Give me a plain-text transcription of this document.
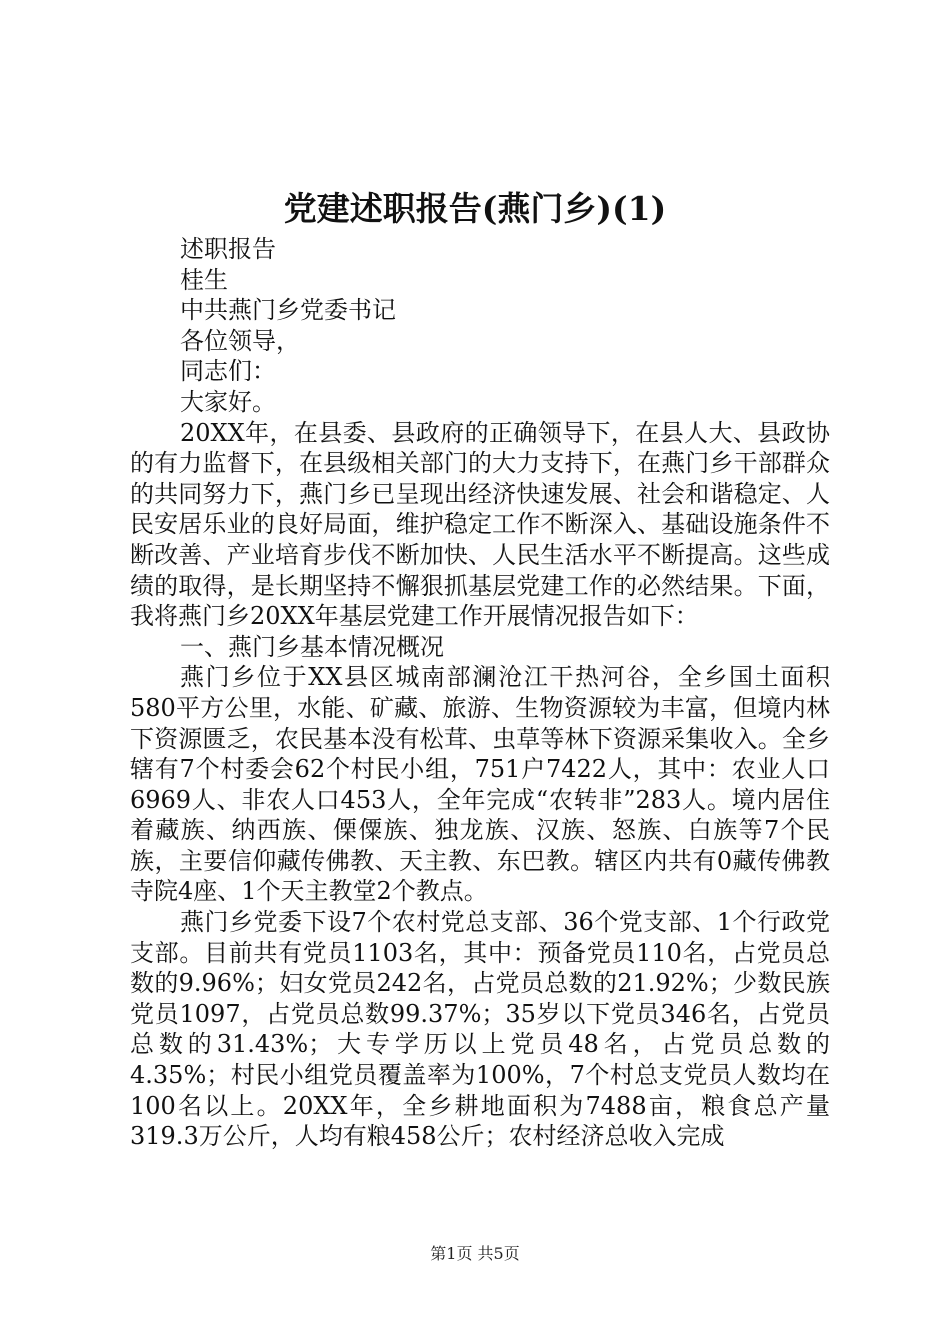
党建述职报告(燕门乡)(1)
述职报告
桂生
中共燕门乡党委书记
各位领导，
同志们：
大家好。

20XX年，在县委、县政府的正确领导下，在县人大、县政协的有力监督下，在县级相关部门的大力支持下，在燕门乡干部群众的共同努力下，燕门乡已呈现出经济快速发展、社会和谐稳定、人民安居乐业的良好局面，维护稳定工作不断深入、基础设施条件不断改善、产业培育步伐不断加快、人民生活水平不断提高。这些成绩的取得，是长期坚持不懈狠抓基层党建工作的必然结果。下面，我将燕门乡20XX年基层党建工作开展情况报告如下：

一、燕门乡基本情况概况

燕门乡位于XX县区城南部澜沧江干热河谷，全乡国土面积580平方公里，水能、矿藏、旅游、生物资源较为丰富，但境内林下资源匮乏，农民基本没有松茸、虫草等林下资源采集收入。全乡辖有7个村委会62个村民小组，751户7422人，其中：农业人口6969人、非农人口453人，全年完成“农转非”283人。境内居住着藏族、纳西族、傈僳族、独龙族、汉族、怒族、白族等7个民族，主要信仰藏传佛教、天主教、东巴教。辖区内共有0藏传佛教寺院4座、1个天主教堂2个教点。

燕门乡党委下设7个农村党总支部、36个党支部、1个行政党支部。目前共有党员1103名，其中：预备党员110名，占党员总数的9.96%；妇女党员242名，占党员总数的21.92%；少数民族党员1097，占党员总数99.37%；35岁以下党员346名，占党员总数的31.43%；大专学历以上党员48名，占党员总数的4.35%；村民小组党员覆盖率为100%，7个村总支党员人数均在100名以上。20XX年，全乡耕地面积为7488亩，粮食总产量319.3万公斤，人均有粮458公斤；农村经济总收入完成

第1页 共5页
